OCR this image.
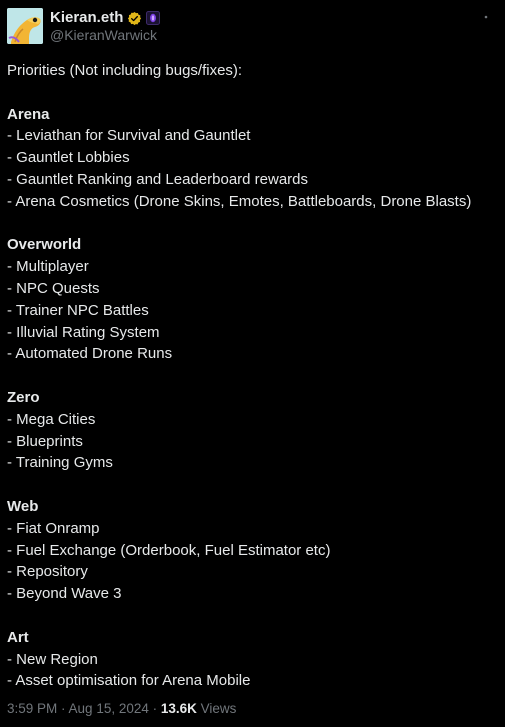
Kieran.eth
@KieranWarwick
Priorities (Not including bugs/fixes):
Arena
- Leviathan for Survival and Gauntlet
- Gauntlet Lobbies
- Gauntlet Ranking and Leaderboard rewards
- Arena Cosmetics (Drone Skins, Emotes, Battleboards, Drone Blasts)
Overworld
- Multiplayer
- NPC Quests
- Trainer NPC Battles
- Illuvial Rating System
- Automated Drone Runs
Zero
- Mega Cities
- Blueprints
- Training Gyms
Web
- Fiat Onramp
- Fuel Exchange (Orderbook, Fuel Estimator etc)
- Repository
- Beyond Wave 3
Art
- New Region
- Asset optimisation for Arena Mobile
3:59 PM · Aug 15, 2024 · 13.6K Views
